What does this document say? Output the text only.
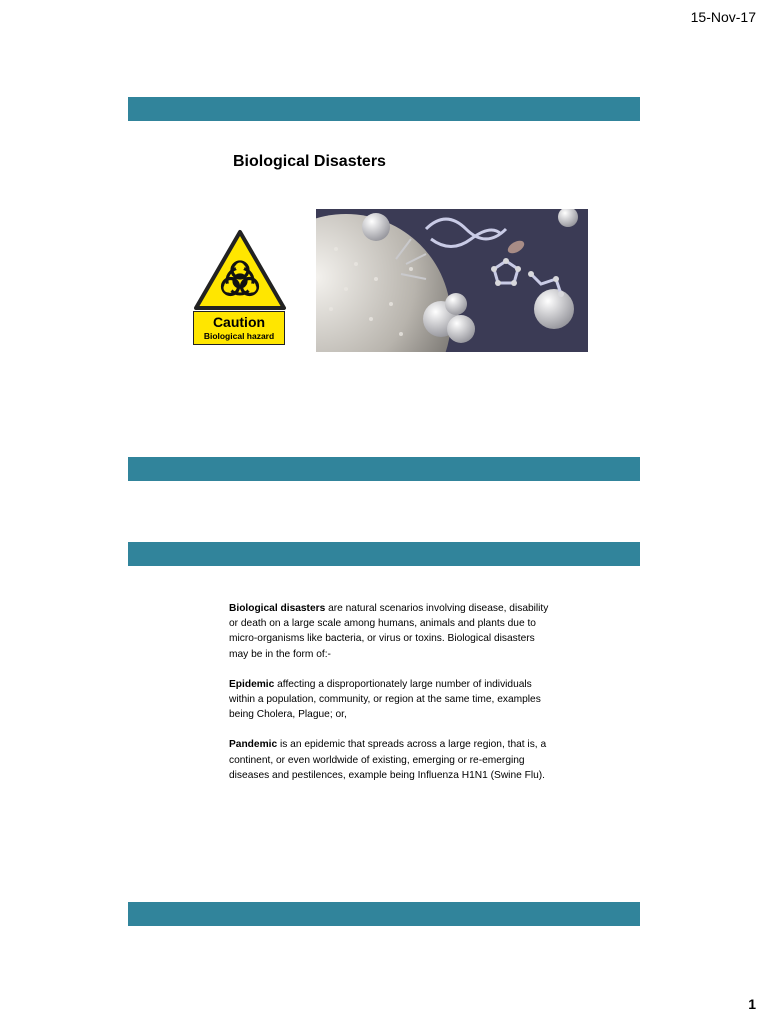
15-Nov-17
Biological Disasters
Caution
Biological hazard

Biological disasters are natural scenarios involving disease, disability or death on a large scale among humans, animals and plants due to micro-organisms like bacteria, or virus or toxins. Biological disasters may be in the form of:-

Epidemic affecting a disproportionately large number of individuals within a population, community, or region at the same time, examples being Cholera, Plague; or,

Pandemic is an epidemic that spreads across a large region, that is, a continent, or even worldwide of existing, emerging or re-emerging diseases and pestilences, example being Influenza H1N1 (Swine Flu).

1
